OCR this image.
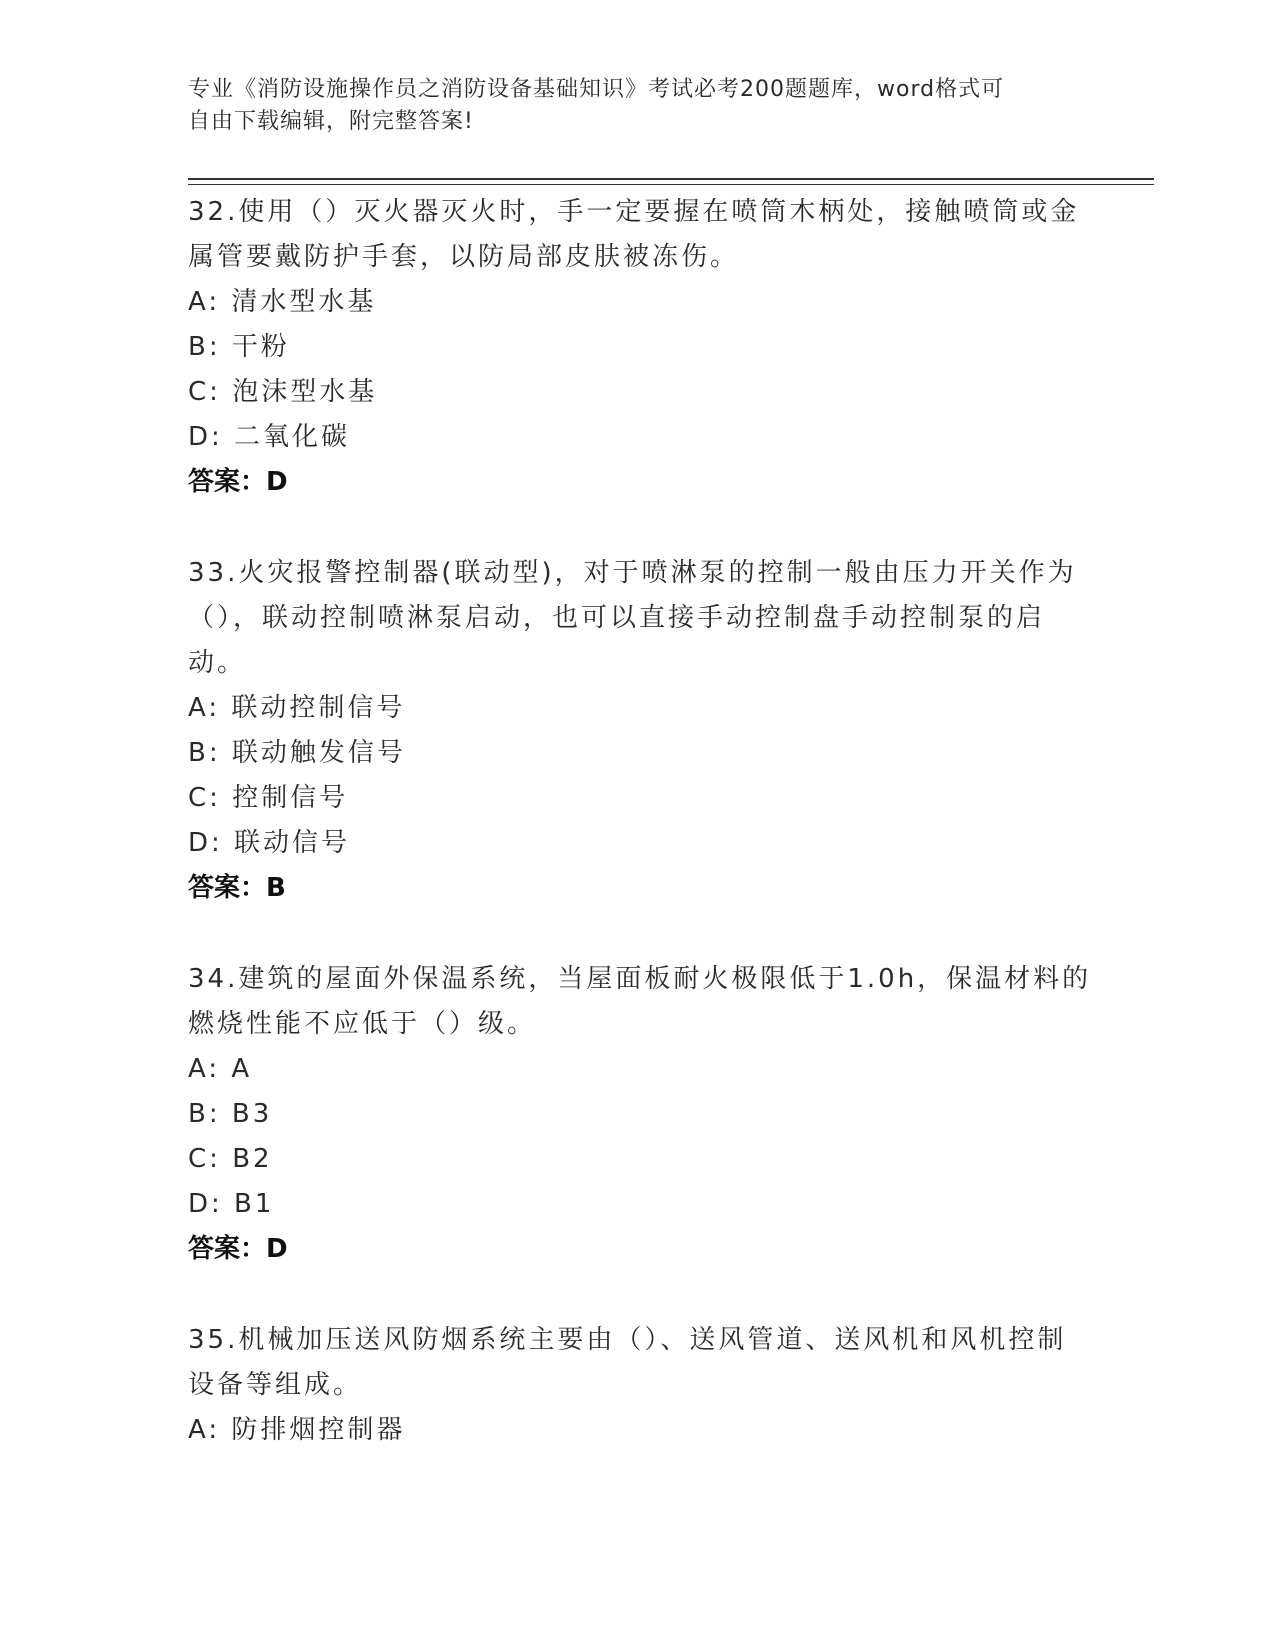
专业《消防设施操作员之消防设备基础知识》考试必考200题题库，word格式可
自由下载编辑，附完整答案!
32.使用（）灭火器灭火时，手一定要握在喷筒木柄处，接触喷筒或金
属管要戴防护手套，以防局部皮肤被冻伤。
A: 清水型水基
B: 干粉
C: 泡沫型水基
D: 二氧化碳
答案：D
33.火灾报警控制器(联动型)，对于喷淋泵的控制一般由压力开关作为
（），联动控制喷淋泵启动，也可以直接手动控制盘手动控制泵的启
动。
A: 联动控制信号
B: 联动触发信号
C: 控制信号
D: 联动信号
答案：B
34.建筑的屋面外保温系统，当屋面板耐火极限低于1.0h，保温材料的
燃烧性能不应低于（）级。
A: A
B: B3
C: B2
D: B1
答案：D
35.机械加压送风防烟系统主要由（）、送风管道、送风机和风机控制
设备等组成。
A: 防排烟控制器
